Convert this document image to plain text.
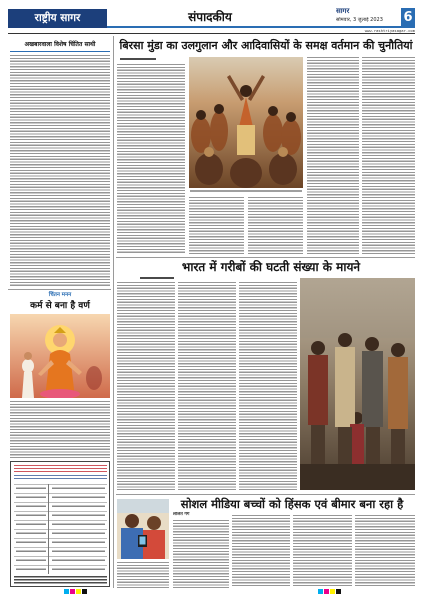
राष्ट्रीय सागर	संपादकीय	सागर
सोमवार, 3 जुलाई 2023	6
www.rashtriyasagar.com
अखबारवाला विशेष चिंतित साथी
चिंतन मनन
कर्म से बना है वर्ण
बिरसा मुंडा का उलगुलान और आदिवासियों के समक्ष वर्तमान की चुनौतियां
भारत में गरीबों की घटती संख्या के मायने
सोशल मीडिया बच्चों को हिंसक एवं बीमार बना रहा है
ललित गर्ग
